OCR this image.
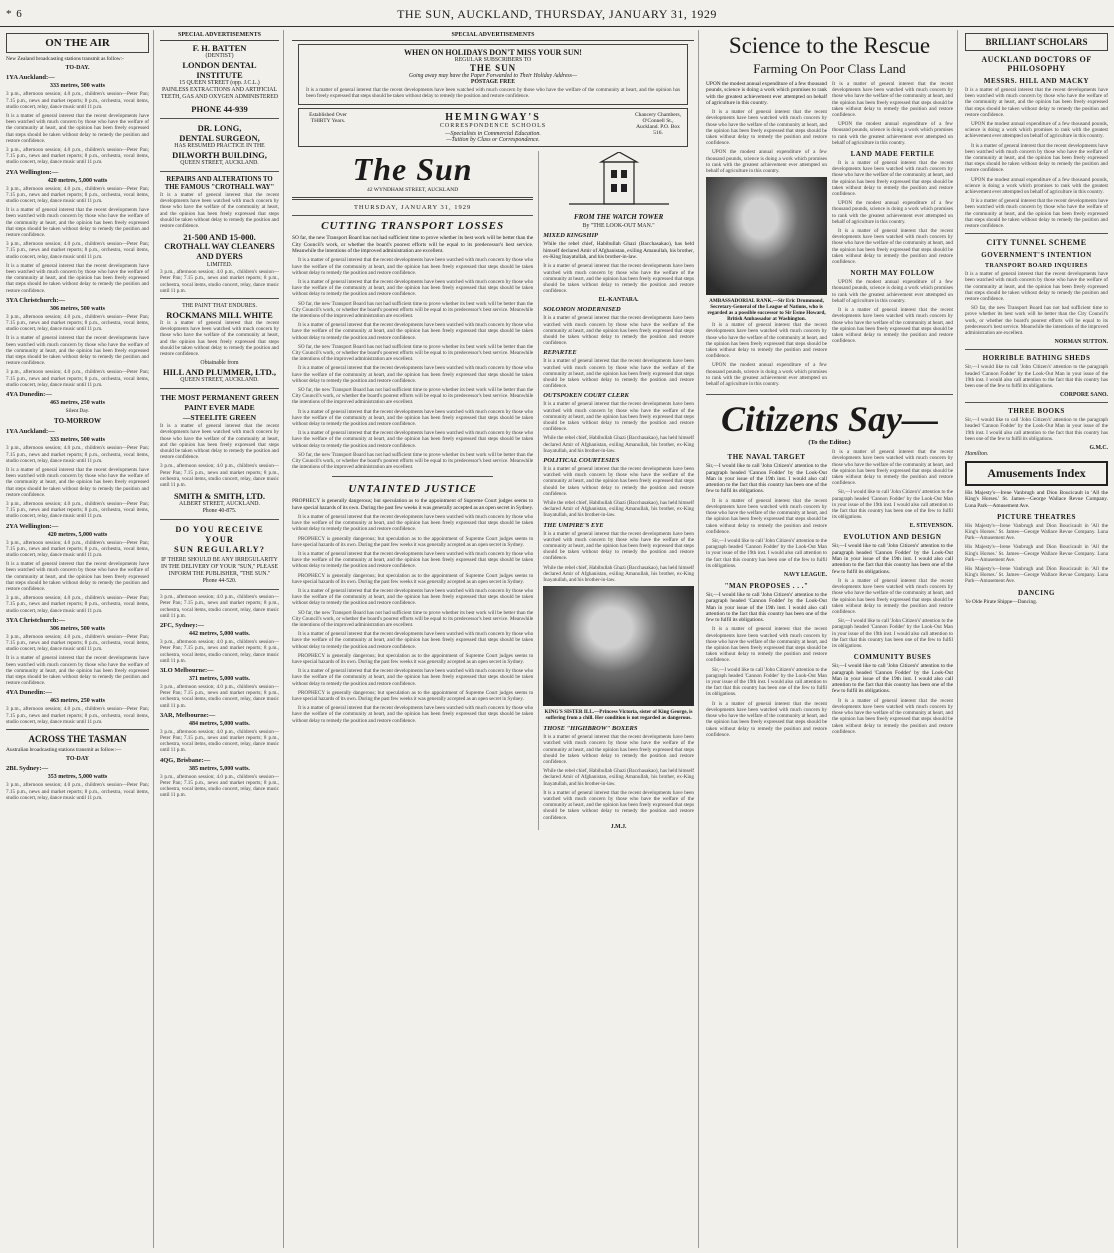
* 6	THE SUN, AUCKLAND, THURSDAY, JANUARY 31, 1929
ON THE AIR

New Zealand broadcasting stations transmit as follow:-

TO-DAY.
1YA Auckland:—
333 metres, 500 watts

3 p.m., afternoon session; 4.0 p.m., children's session—Peter Pan; 7.15 p.m., news and market reports; 8 p.m., orchestra, vocal items, studio concert, relay, dance music until 11 p.m.

It is a matter of general interest that the recent developments have been watched with much concern by those who have the welfare of the community at heart, and the opinion has been freely expressed that steps should be taken without delay to remedy the position and restore confidence.

3 p.m., afternoon session; 4.0 p.m., children's session—Peter Pan; 7.15 p.m., news and market reports; 8 p.m., orchestra, vocal items, studio concert, relay, dance music until 11 p.m.

2YA Wellington:—
420 metres, 5,000 watts

3 p.m., afternoon session; 4.0 p.m., children's session—Peter Pan; 7.15 p.m., news and market reports; 8 p.m., orchestra, vocal items, studio concert, relay, dance music until 11 p.m.

It is a matter of general interest that the recent developments have been watched with much concern by those who have the welfare of the community at heart, and the opinion has been freely expressed that steps should be taken without delay to remedy the position and restore confidence.

3 p.m., afternoon session; 4.0 p.m., children's session—Peter Pan; 7.15 p.m., news and market reports; 8 p.m., orchestra, vocal items, studio concert, relay, dance music until 11 p.m.

It is a matter of general interest that the recent developments have been watched with much concern by those who have the welfare of the community at heart, and the opinion has been freely expressed that steps should be taken without delay to remedy the position and restore confidence.

3YA Christchurch:—
306 metres, 500 watts

3 p.m., afternoon session; 4.0 p.m., children's session—Peter Pan; 7.15 p.m., news and market reports; 8 p.m., orchestra, vocal items, studio concert, relay, dance music until 11 p.m.

It is a matter of general interest that the recent developments have been watched with much concern by those who have the welfare of the community at heart, and the opinion has been freely expressed that steps should be taken without delay to remedy the position and restore confidence.

3 p.m., afternoon session; 4.0 p.m., children's session—Peter Pan; 7.15 p.m., news and market reports; 8 p.m., orchestra, vocal items, studio concert, relay, dance music until 11 p.m.

4YA Dunedin:—
463 metres, 250 watts

Silent Day.

TO-MORROW
1YA Auckland:—
333 metres, 500 watts

3 p.m., afternoon session; 4.0 p.m., children's session—Peter Pan; 7.15 p.m., news and market reports; 8 p.m., orchestra, vocal items, studio concert, relay, dance music until 11 p.m.

It is a matter of general interest that the recent developments have been watched with much concern by those who have the welfare of the community at heart, and the opinion has been freely expressed that steps should be taken without delay to remedy the position and restore confidence.

3 p.m., afternoon session; 4.0 p.m., children's session—Peter Pan; 7.15 p.m., news and market reports; 8 p.m., orchestra, vocal items, studio concert, relay, dance music until 11 p.m.

2YA Wellington:—
420 metres, 5,000 watts

3 p.m., afternoon session; 4.0 p.m., children's session—Peter Pan; 7.15 p.m., news and market reports; 8 p.m., orchestra, vocal items, studio concert, relay, dance music until 11 p.m.

It is a matter of general interest that the recent developments have been watched with much concern by those who have the welfare of the community at heart, and the opinion has been freely expressed that steps should be taken without delay to remedy the position and restore confidence.

3 p.m., afternoon session; 4.0 p.m., children's session—Peter Pan; 7.15 p.m., news and market reports; 8 p.m., orchestra, vocal items, studio concert, relay, dance music until 11 p.m.

3YA Christchurch:—
306 metres, 500 watts

3 p.m., afternoon session; 4.0 p.m., children's session—Peter Pan; 7.15 p.m., news and market reports; 8 p.m., orchestra, vocal items, studio concert, relay, dance music until 11 p.m.

It is a matter of general interest that the recent developments have been watched with much concern by those who have the welfare of the community at heart, and the opinion has been freely expressed that steps should be taken without delay to remedy the position and restore confidence.

4YA Dunedin:—
463 metres, 250 watts

3 p.m., afternoon session; 4.0 p.m., children's session—Peter Pan; 7.15 p.m., news and market reports; 8 p.m., orchestra, vocal items, studio concert, relay, dance music until 11 p.m.

ACROSS THE TASMAN

Australian broadcasting stations transmit as follow:—

TO-DAY
2BL Sydney:—
353 metres, 5,000 watts

3 p.m., afternoon session; 4.0 p.m., children's session—Peter Pan; 7.15 p.m., news and market reports; 8 p.m., orchestra, vocal items, studio concert, relay, dance music until 11 p.m.

SPECIAL ADVERTISEMENTS
F. H. BATTEN
(DENTIST)
LONDON DENTAL INSTITUTE
15 QUEEN STREET (opp. J.C.L.)
PAINLESS EXTRACTIONS AND ARTIFICIAL TEETH, GAS AND OXYGEN ADMINISTERED
PHONE 44-939
DR. LONG,
DENTAL SURGEON,
HAS RESUMED PRACTICE IN THE
DILWORTH BUILDING,
QUEEN STREET, AUCKLAND.
REPAIRS AND ALTERATIONS TO THE FAMOUS "CROTHALL WAY"

It is a matter of general interest that the recent developments have been watched with much concern by those who have the welfare of the community at heart, and the opinion has been freely expressed that steps should be taken without delay to remedy the position and restore confidence.

21-500 AND 15-000.
CROTHALL WAY CLEANERS AND DYERS
LIMITED.

3 p.m., afternoon session; 4.0 p.m., children's session—Peter Pan; 7.15 p.m., news and market reports; 8 p.m., orchestra, vocal items, studio concert, relay, dance music until 11 p.m.

THE PAINT THAT ENDURES.
ROCKMANS MILL WHITE

It is a matter of general interest that the recent developments have been watched with much concern by those who have the welfare of the community at heart, and the opinion has been freely expressed that steps should be taken without delay to remedy the position and restore confidence.

Obtainable from
HILL AND PLUMMER, LTD.,
QUEEN STREET, AUCKLAND.
THE MOST PERMANENT GREEN PAINT EVER MADE
—STEELITE GREEN

It is a matter of general interest that the recent developments have been watched with much concern by those who have the welfare of the community at heart, and the opinion has been freely expressed that steps should be taken without delay to remedy the position and restore confidence.

3 p.m., afternoon session; 4.0 p.m., children's session—Peter Pan; 7.15 p.m., news and market reports; 8 p.m., orchestra, vocal items, studio concert, relay, dance music until 11 p.m.

SMITH & SMITH, LTD.
ALBERT STREET, AUCKLAND.
Phone 40-875.
DO YOU RECEIVE YOUR
SUN REGULARLY?
IF THERE SHOULD BE ANY IRREGULARITY IN THE DELIVERY OF YOUR "SUN," PLEASE INFORM THE PUBLISHER, "THE SUN."
Phone 44-520.

3 p.m., afternoon session; 4.0 p.m., children's session—Peter Pan; 7.15 p.m., news and market reports; 8 p.m., orchestra, vocal items, studio concert, relay, dance music until 11 p.m.

2FC, Sydney:—
442 metres, 5,000 watts.

3 p.m., afternoon session; 4.0 p.m., children's session—Peter Pan; 7.15 p.m., news and market reports; 8 p.m., orchestra, vocal items, studio concert, relay, dance music until 11 p.m.

3LO Melbourne:—
371 metres, 5,000 watts.

3 p.m., afternoon session; 4.0 p.m., children's session—Peter Pan; 7.15 p.m., news and market reports; 8 p.m., orchestra, vocal items, studio concert, relay, dance music until 11 p.m.

3AR, Melbourne:—
484 metres, 5,000 watts.

3 p.m., afternoon session; 4.0 p.m., children's session—Peter Pan; 7.15 p.m., news and market reports; 8 p.m., orchestra, vocal items, studio concert, relay, dance music until 11 p.m.

4QG, Brisbane:—
385 metres, 5,000 watts.

3 p.m., afternoon session; 4.0 p.m., children's session—Peter Pan; 7.15 p.m., news and market reports; 8 p.m., orchestra, vocal items, studio concert, relay, dance music until 11 p.m.

SPECIAL ADVERTISEMENTS
WHEN ON HOLIDAYS DON'T MISS YOUR SUN!
REGULAR SUBSCRIBERS TO
THE SUN
Going away may have the Paper Forwarded to Their Holiday Address—
POSTAGE FREE

It is a matter of general interest that the recent developments have been watched with much concern by those who have the welfare of the community at heart, and the opinion has been freely expressed that steps should be taken without delay to remedy the position and restore confidence.

Established Over THIRTY Years.	HEMINGWAY'S
CORRESPONDENCE SCHOOLS
—Specialists in Commercial Education.
—Tuition by Class or Correspondence.
Chancery Chambers, O'Connell St., Auckland. P.O. Box 516.
The Sun
42 WYNDHAM STREET, AUCKLAND
THURSDAY, JANUARY 31, 1929
CUTTING TRANSPORT LOSSES

SO far, the new Transport Board has not had sufficient time to prove whether its best work will be better than the City Council's work, or whether the board's poorest efforts will be equal to its predecessor's best service. Meanwhile the intentions of the improved administration are excellent.

It is a matter of general interest that the recent developments have been watched with much concern by those who have the welfare of the community at heart, and the opinion has been freely expressed that steps should be taken without delay to remedy the position and restore confidence.

It is a matter of general interest that the recent developments have been watched with much concern by those who have the welfare of the community at heart, and the opinion has been freely expressed that steps should be taken without delay to remedy the position and restore confidence.

SO far, the new Transport Board has not had sufficient time to prove whether its best work will be better than the City Council's work, or whether the board's poorest efforts will be equal to its predecessor's best service. Meanwhile the intentions of the improved administration are excellent.

It is a matter of general interest that the recent developments have been watched with much concern by those who have the welfare of the community at heart, and the opinion has been freely expressed that steps should be taken without delay to remedy the position and restore confidence.

SO far, the new Transport Board has not had sufficient time to prove whether its best work will be better than the City Council's work, or whether the board's poorest efforts will be equal to its predecessor's best service. Meanwhile the intentions of the improved administration are excellent.

It is a matter of general interest that the recent developments have been watched with much concern by those who have the welfare of the community at heart, and the opinion has been freely expressed that steps should be taken without delay to remedy the position and restore confidence.

SO far, the new Transport Board has not had sufficient time to prove whether its best work will be better than the City Council's work, or whether the board's poorest efforts will be equal to its predecessor's best service. Meanwhile the intentions of the improved administration are excellent.

It is a matter of general interest that the recent developments have been watched with much concern by those who have the welfare of the community at heart, and the opinion has been freely expressed that steps should be taken without delay to remedy the position and restore confidence.

It is a matter of general interest that the recent developments have been watched with much concern by those who have the welfare of the community at heart, and the opinion has been freely expressed that steps should be taken without delay to remedy the position and restore confidence.

SO far, the new Transport Board has not had sufficient time to prove whether its best work will be better than the City Council's work, or whether the board's poorest efforts will be equal to its predecessor's best service. Meanwhile the intentions of the improved administration are excellent.

UNTAINTED JUSTICE

PROPHECY is generally dangerous; but speculation as to the appointment of Supreme Court judges seems to have special hazards of its own. During the past few weeks it was generally accepted as an open secret in Sydney.

It is a matter of general interest that the recent developments have been watched with much concern by those who have the welfare of the community at heart, and the opinion has been freely expressed that steps should be taken without delay to remedy the position and restore confidence.

PROPHECY is generally dangerous; but speculation as to the appointment of Supreme Court judges seems to have special hazards of its own. During the past few weeks it was generally accepted as an open secret in Sydney.

It is a matter of general interest that the recent developments have been watched with much concern by those who have the welfare of the community at heart, and the opinion has been freely expressed that steps should be taken without delay to remedy the position and restore confidence.

PROPHECY is generally dangerous; but speculation as to the appointment of Supreme Court judges seems to have special hazards of its own. During the past few weeks it was generally accepted as an open secret in Sydney.

It is a matter of general interest that the recent developments have been watched with much concern by those who have the welfare of the community at heart, and the opinion has been freely expressed that steps should be taken without delay to remedy the position and restore confidence.

SO far, the new Transport Board has not had sufficient time to prove whether its best work will be better than the City Council's work, or whether the board's poorest efforts will be equal to its predecessor's best service. Meanwhile the intentions of the improved administration are excellent.

It is a matter of general interest that the recent developments have been watched with much concern by those who have the welfare of the community at heart, and the opinion has been freely expressed that steps should be taken without delay to remedy the position and restore confidence.

PROPHECY is generally dangerous; but speculation as to the appointment of Supreme Court judges seems to have special hazards of its own. During the past few weeks it was generally accepted as an open secret in Sydney.

It is a matter of general interest that the recent developments have been watched with much concern by those who have the welfare of the community at heart, and the opinion has been freely expressed that steps should be taken without delay to remedy the position and restore confidence.

PROPHECY is generally dangerous; but speculation as to the appointment of Supreme Court judges seems to have special hazards of its own. During the past few weeks it was generally accepted as an open secret in Sydney.

It is a matter of general interest that the recent developments have been watched with much concern by those who have the welfare of the community at heart, and the opinion has been freely expressed that steps should be taken without delay to remedy the position and restore confidence.

FROM THE WATCH TOWER
By "THE LOOK-OUT MAN."
MIXED KINGSHIP

While the rebel chief, Habibullah Ghazi (Bacchasakao), has held himself declared Amir of Afghanistan, exiling Amanullah, his brother, ex-King Inayatullah, and his brother-in-law.

It is a matter of general interest that the recent developments have been watched with much concern by those who have the welfare of the community at heart, and the opinion has been freely expressed that steps should be taken without delay to remedy the position and restore confidence.

EL-KANTARA.
SOLOMON MODERNISED

It is a matter of general interest that the recent developments have been watched with much concern by those who have the welfare of the community at heart, and the opinion has been freely expressed that steps should be taken without delay to remedy the position and restore confidence.

REPARTEE

It is a matter of general interest that the recent developments have been watched with much concern by those who have the welfare of the community at heart, and the opinion has been freely expressed that steps should be taken without delay to remedy the position and restore confidence.

OUTSPOKEN COURT CLERK

It is a matter of general interest that the recent developments have been watched with much concern by those who have the welfare of the community at heart, and the opinion has been freely expressed that steps should be taken without delay to remedy the position and restore confidence.

While the rebel chief, Habibullah Ghazi (Bacchasakao), has held himself declared Amir of Afghanistan, exiling Amanullah, his brother, ex-King Inayatullah, and his brother-in-law.

POLITICAL COURTESIES

It is a matter of general interest that the recent developments have been watched with much concern by those who have the welfare of the community at heart, and the opinion has been freely expressed that steps should be taken without delay to remedy the position and restore confidence.

While the rebel chief, Habibullah Ghazi (Bacchasakao), has held himself declared Amir of Afghanistan, exiling Amanullah, his brother, ex-King Inayatullah, and his brother-in-law.

THE UMPIRE'S EYE

It is a matter of general interest that the recent developments have been watched with much concern by those who have the welfare of the community at heart, and the opinion has been freely expressed that steps should be taken without delay to remedy the position and restore confidence.

While the rebel chief, Habibullah Ghazi (Bacchasakao), has held himself declared Amir of Afghanistan, exiling Amanullah, his brother, ex-King Inayatullah, and his brother-in-law.

KING'S SISTER ILL.—Princess Victoria, sister of King George, is suffering from a chill. Her condition is not regarded as dangerous.
THOSE "HIGHBROW" BOXERS

It is a matter of general interest that the recent developments have been watched with much concern by those who have the welfare of the community at heart, and the opinion has been freely expressed that steps should be taken without delay to remedy the position and restore confidence.

While the rebel chief, Habibullah Ghazi (Bacchasakao), has held himself declared Amir of Afghanistan, exiling Amanullah, his brother, ex-King Inayatullah, and his brother-in-law.

It is a matter of general interest that the recent developments have been watched with much concern by those who have the welfare of the community at heart, and the opinion has been freely expressed that steps should be taken without delay to remedy the position and restore confidence.

J.M.J.
Science to the Rescue
Farming On Poor Class Land

UPON the modest annual expenditure of a few thousand pounds, science is doing a work which promises to rank with the greatest achievement ever attempted on behalf of agriculture in this country.

It is a matter of general interest that the recent developments have been watched with much concern by those who have the welfare of the community at heart, and the opinion has been freely expressed that steps should be taken without delay to remedy the position and restore confidence.

UPON the modest annual expenditure of a few thousand pounds, science is doing a work which promises to rank with the greatest achievement ever attempted on behalf of agriculture in this country.

AMBASSADORIAL RANK.—Sir Eric Drummond, Secretary-General of the League of Nations, who is regarded as a possible successor to Sir Esme Howard, British Ambassador at Washington.

It is a matter of general interest that the recent developments have been watched with much concern by those who have the welfare of the community at heart, and the opinion has been freely expressed that steps should be taken without delay to remedy the position and restore confidence.

UPON the modest annual expenditure of a few thousand pounds, science is doing a work which promises to rank with the greatest achievement ever attempted on behalf of agriculture in this country.

It is a matter of general interest that the recent developments have been watched with much concern by those who have the welfare of the community at heart, and the opinion has been freely expressed that steps should be taken without delay to remedy the position and restore confidence.

UPON the modest annual expenditure of a few thousand pounds, science is doing a work which promises to rank with the greatest achievement ever attempted on behalf of agriculture in this country.

LAND MADE FERTILE

It is a matter of general interest that the recent developments have been watched with much concern by those who have the welfare of the community at heart, and the opinion has been freely expressed that steps should be taken without delay to remedy the position and restore confidence.

UPON the modest annual expenditure of a few thousand pounds, science is doing a work which promises to rank with the greatest achievement ever attempted on behalf of agriculture in this country.

It is a matter of general interest that the recent developments have been watched with much concern by those who have the welfare of the community at heart, and the opinion has been freely expressed that steps should be taken without delay to remedy the position and restore confidence.

NORTH MAY FOLLOW

UPON the modest annual expenditure of a few thousand pounds, science is doing a work which promises to rank with the greatest achievement ever attempted on behalf of agriculture in this country.

It is a matter of general interest that the recent developments have been watched with much concern by those who have the welfare of the community at heart, and the opinion has been freely expressed that steps should be taken without delay to remedy the position and restore confidence.

Citizens Say—
(To the Editor.)
THE NAVAL TARGET

Sir,—I would like to call 'John Citizen's' attention to the paragraph headed 'Cannon Fodder' by the Look-Out Man in your issue of the 19th inst. I would also call attention to the fact that this country has been one of the few to fulfil its obligations.

It is a matter of general interest that the recent developments have been watched with much concern by those who have the welfare of the community at heart, and the opinion has been freely expressed that steps should be taken without delay to remedy the position and restore confidence.

Sir,—I would like to call 'John Citizen's' attention to the paragraph headed 'Cannon Fodder' by the Look-Out Man in your issue of the 19th inst. I would also call attention to the fact that this country has been one of the few to fulfil its obligations.

NAVY LEAGUE.
"MAN PROPOSES . . ."

Sir,—I would like to call 'John Citizen's' attention to the paragraph headed 'Cannon Fodder' by the Look-Out Man in your issue of the 19th inst. I would also call attention to the fact that this country has been one of the few to fulfil its obligations.

It is a matter of general interest that the recent developments have been watched with much concern by those who have the welfare of the community at heart, and the opinion has been freely expressed that steps should be taken without delay to remedy the position and restore confidence.

Sir,—I would like to call 'John Citizen's' attention to the paragraph headed 'Cannon Fodder' by the Look-Out Man in your issue of the 19th inst. I would also call attention to the fact that this country has been one of the few to fulfil its obligations.

It is a matter of general interest that the recent developments have been watched with much concern by those who have the welfare of the community at heart, and the opinion has been freely expressed that steps should be taken without delay to remedy the position and restore confidence.

It is a matter of general interest that the recent developments have been watched with much concern by those who have the welfare of the community at heart, and the opinion has been freely expressed that steps should be taken without delay to remedy the position and restore confidence.

Sir,—I would like to call 'John Citizen's' attention to the paragraph headed 'Cannon Fodder' by the Look-Out Man in your issue of the 19th inst. I would also call attention to the fact that this country has been one of the few to fulfil its obligations.

E. STEVENSON.
EVOLUTION AND DESIGN

Sir,—I would like to call 'John Citizen's' attention to the paragraph headed 'Cannon Fodder' by the Look-Out Man in your issue of the 19th inst. I would also call attention to the fact that this country has been one of the few to fulfil its obligations.

It is a matter of general interest that the recent developments have been watched with much concern by those who have the welfare of the community at heart, and the opinion has been freely expressed that steps should be taken without delay to remedy the position and restore confidence.

Sir,—I would like to call 'John Citizen's' attention to the paragraph headed 'Cannon Fodder' by the Look-Out Man in your issue of the 19th inst. I would also call attention to the fact that this country has been one of the few to fulfil its obligations.

COMMUNITY BUSES

Sir,—I would like to call 'John Citizen's' attention to the paragraph headed 'Cannon Fodder' by the Look-Out Man in your issue of the 19th inst. I would also call attention to the fact that this country has been one of the few to fulfil its obligations.

It is a matter of general interest that the recent developments have been watched with much concern by those who have the welfare of the community at heart, and the opinion has been freely expressed that steps should be taken without delay to remedy the position and restore confidence.

BRILLIANT SCHOLARS
AUCKLAND DOCTORS OF PHILOSOPHY
MESSRS. HILL AND MACKY

It is a matter of general interest that the recent developments have been watched with much concern by those who have the welfare of the community at heart, and the opinion has been freely expressed that steps should be taken without delay to remedy the position and restore confidence.

UPON the modest annual expenditure of a few thousand pounds, science is doing a work which promises to rank with the greatest achievement ever attempted on behalf of agriculture in this country.

It is a matter of general interest that the recent developments have been watched with much concern by those who have the welfare of the community at heart, and the opinion has been freely expressed that steps should be taken without delay to remedy the position and restore confidence.

UPON the modest annual expenditure of a few thousand pounds, science is doing a work which promises to rank with the greatest achievement ever attempted on behalf of agriculture in this country.

It is a matter of general interest that the recent developments have been watched with much concern by those who have the welfare of the community at heart, and the opinion has been freely expressed that steps should be taken without delay to remedy the position and restore confidence.

CITY TUNNEL SCHEME
GOVERNMENT'S INTENTION
TRANSPORT BOARD INQUIRES

It is a matter of general interest that the recent developments have been watched with much concern by those who have the welfare of the community at heart, and the opinion has been freely expressed that steps should be taken without delay to remedy the position and restore confidence.

SO far, the new Transport Board has not had sufficient time to prove whether its best work will be better than the City Council's work, or whether the board's poorest efforts will be equal to its predecessor's best service. Meanwhile the intentions of the improved administration are excellent.

NORMAN SUTTON.
HORRIBLE BATHING SHEDS

Sir,—I would like to call 'John Citizen's' attention to the paragraph headed 'Cannon Fodder' by the Look-Out Man in your issue of the 19th inst. I would also call attention to the fact that this country has been one of the few to fulfil its obligations.

CORPORE SANO.
THREE BOOKS

Sir,—I would like to call 'John Citizen's' attention to the paragraph headed 'Cannon Fodder' by the Look-Out Man in your issue of the 19th inst. I would also call attention to the fact that this country has been one of the few to fulfil its obligations.

G.M.C.
Hamilton.
Amusements Index

His Majesty's—Irene Vanbrugh and Dion Boucicault in 'All the King's Horses.' St. James—George Wallace Revue Company. Luna Park—Amusement Ave.

PICTURE THEATRES

His Majesty's—Irene Vanbrugh and Dion Boucicault in 'All the King's Horses.' St. James—George Wallace Revue Company. Luna Park—Amusement Ave.

His Majesty's—Irene Vanbrugh and Dion Boucicault in 'All the King's Horses.' St. James—George Wallace Revue Company. Luna Park—Amusement Ave.

His Majesty's—Irene Vanbrugh and Dion Boucicault in 'All the King's Horses.' St. James—George Wallace Revue Company. Luna Park—Amusement Ave.

DANCING

Ye Olde Pirate Shippe—Dancing.
